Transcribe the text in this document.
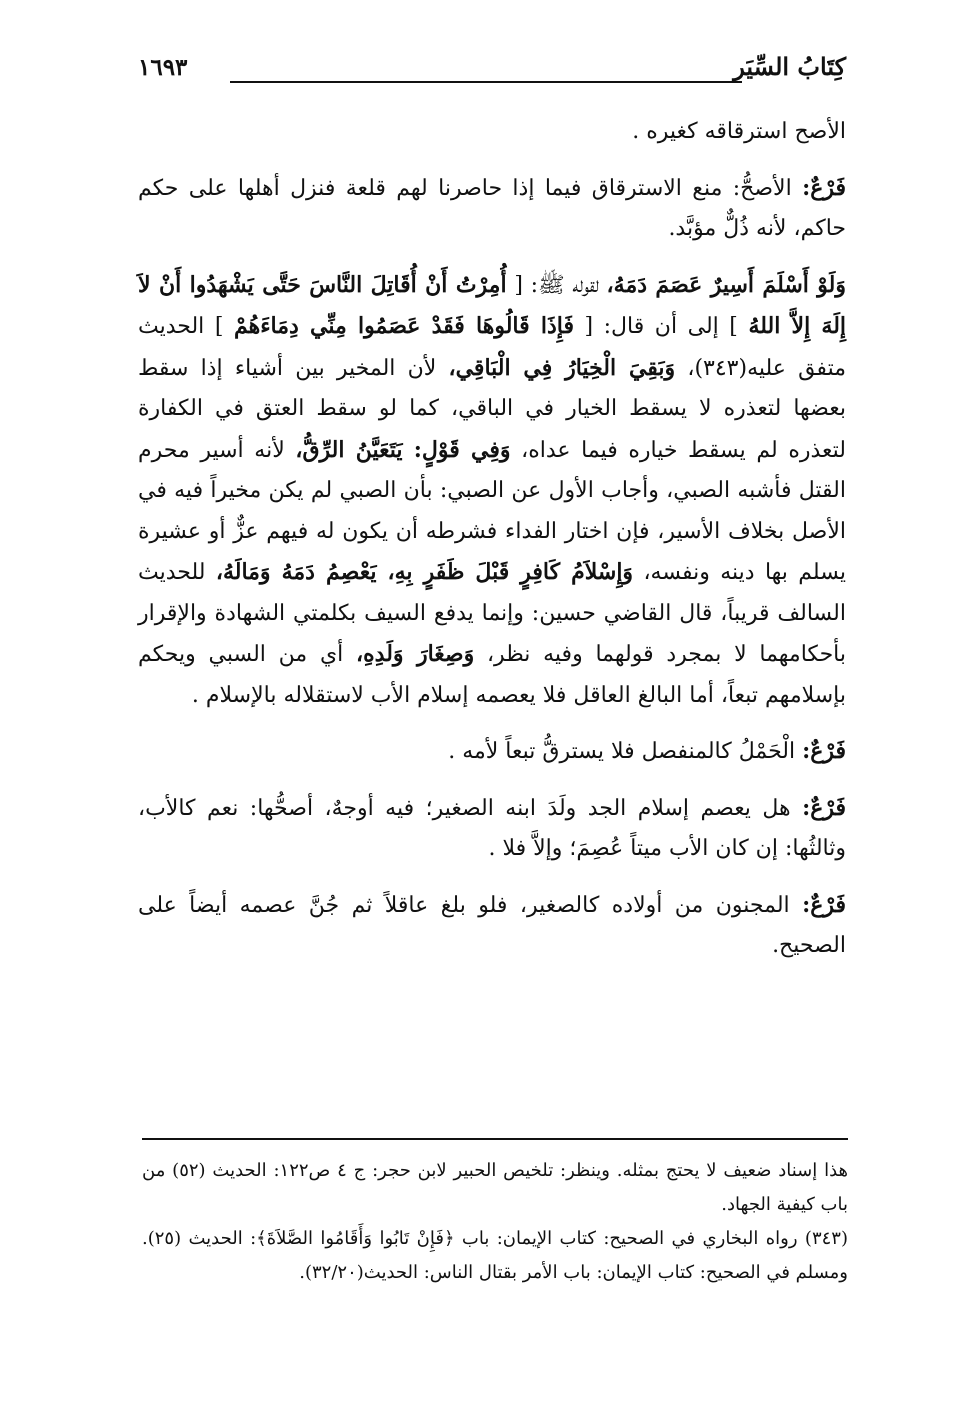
كِتَابُ السِّيَر
١٦٩٣

الأصح استرقاقه كغيره .

فَرْعٌ: الأصحُّ: منع الاسترقاق فيما إذا حاصرنا لهم قلعة فنزل أهلها على حكم حاكم، لأنه ذُلٌّ مؤبَّد.

وَلَوْ أَسْلَمَ أَسِيرٌ عَصَمَ دَمَهُ، لقوله ﷺ: [ أُمِرْتُ أَنْ أُقَاتِلَ النَّاسَ حَتَّى يَشْهَدُوا أَنْ لاَ إِلَهَ إِلاَّ اللهُ ] إلى أن قال: [ فَإِذَا قَالُوهَا فَقَدْ عَصَمُوا مِنِّي دِمَاءَهُمْ ] الحديث متفق عليه(٣٤٣)، وَبَقِيَ الْخِيَارُ فِي الْبَاقِي، لأن المخير بين أشياء إذا سقط بعضها لتعذره لا يسقط الخيار في الباقي، كما لو سقط العتق في الكفارة لتعذره لم يسقط خياره فيما عداه، وَفِي قَوْلٍ: يَتَعَيَّنُ الرِّقُّ، لأنه أسير محرم القتل فأشبه الصبي، وأجاب الأول عن الصبي: بأن الصبي لم يكن مخيراً فيه في الأصل بخلاف الأسير، فإن اختار الفداء فشرطه أن يكون له فيهم عزٌّ أو عشيرة يسلم بها دينه ونفسه، وَإِسْلاَمُ كَافِرٍ قَبْلَ ظَفَرٍ بِهِ، يَعْصِمُ دَمَهُ وَمَالَهُ، للحديث السالف قريباً، قال القاضي حسين: وإنما يدفع السيف بكلمتي الشهادة والإقرار بأحكامهما لا بمجرد قولهما وفيه نظر، وَصِغَارَ وَلَدِهِ، أي من السبي ويحكم بإسلامهم تبعاً، أما البالغ العاقل فلا يعصمه إسلام الأب لاستقلاله بالإسلام .

فَرْعٌ: الْحَمْلُ كالمنفصل فلا يسترقُّ تبعاً لأمه .

فَرْعٌ: هل يعصم إسلام الجد ولَدَ ابنه الصغير؛ فيه أوجهٌ، أصحُّها: نعم كالأب، وثالثُها: إن كان الأب ميتاً عُصِمَ؛ وإلاَّ فلا .

فَرْعٌ: المجنون من أولاده كالصغير، فلو بلغ عاقلاً ثم جُنَّ عصمه أيضاً على الصحيح.

هذا إسناد ضعيف لا يحتج بمثله. وينظر: تلخيص الحبير لابن حجر: ج ٤ ص١٢٢: الحديث (٥٢) من باب كيفية الجهاد.

(٣٤٣) رواه البخاري في الصحيح: كتاب الإيمان: باب ﴿فَإِنْ تَابُوا وَأَقَامُوا الصَّلاَةَ﴾: الحديث (٢٥). ومسلم في الصحيح: كتاب الإيمان: باب الأمر بقتال الناس: الحديث(٣٢/٢٠).
